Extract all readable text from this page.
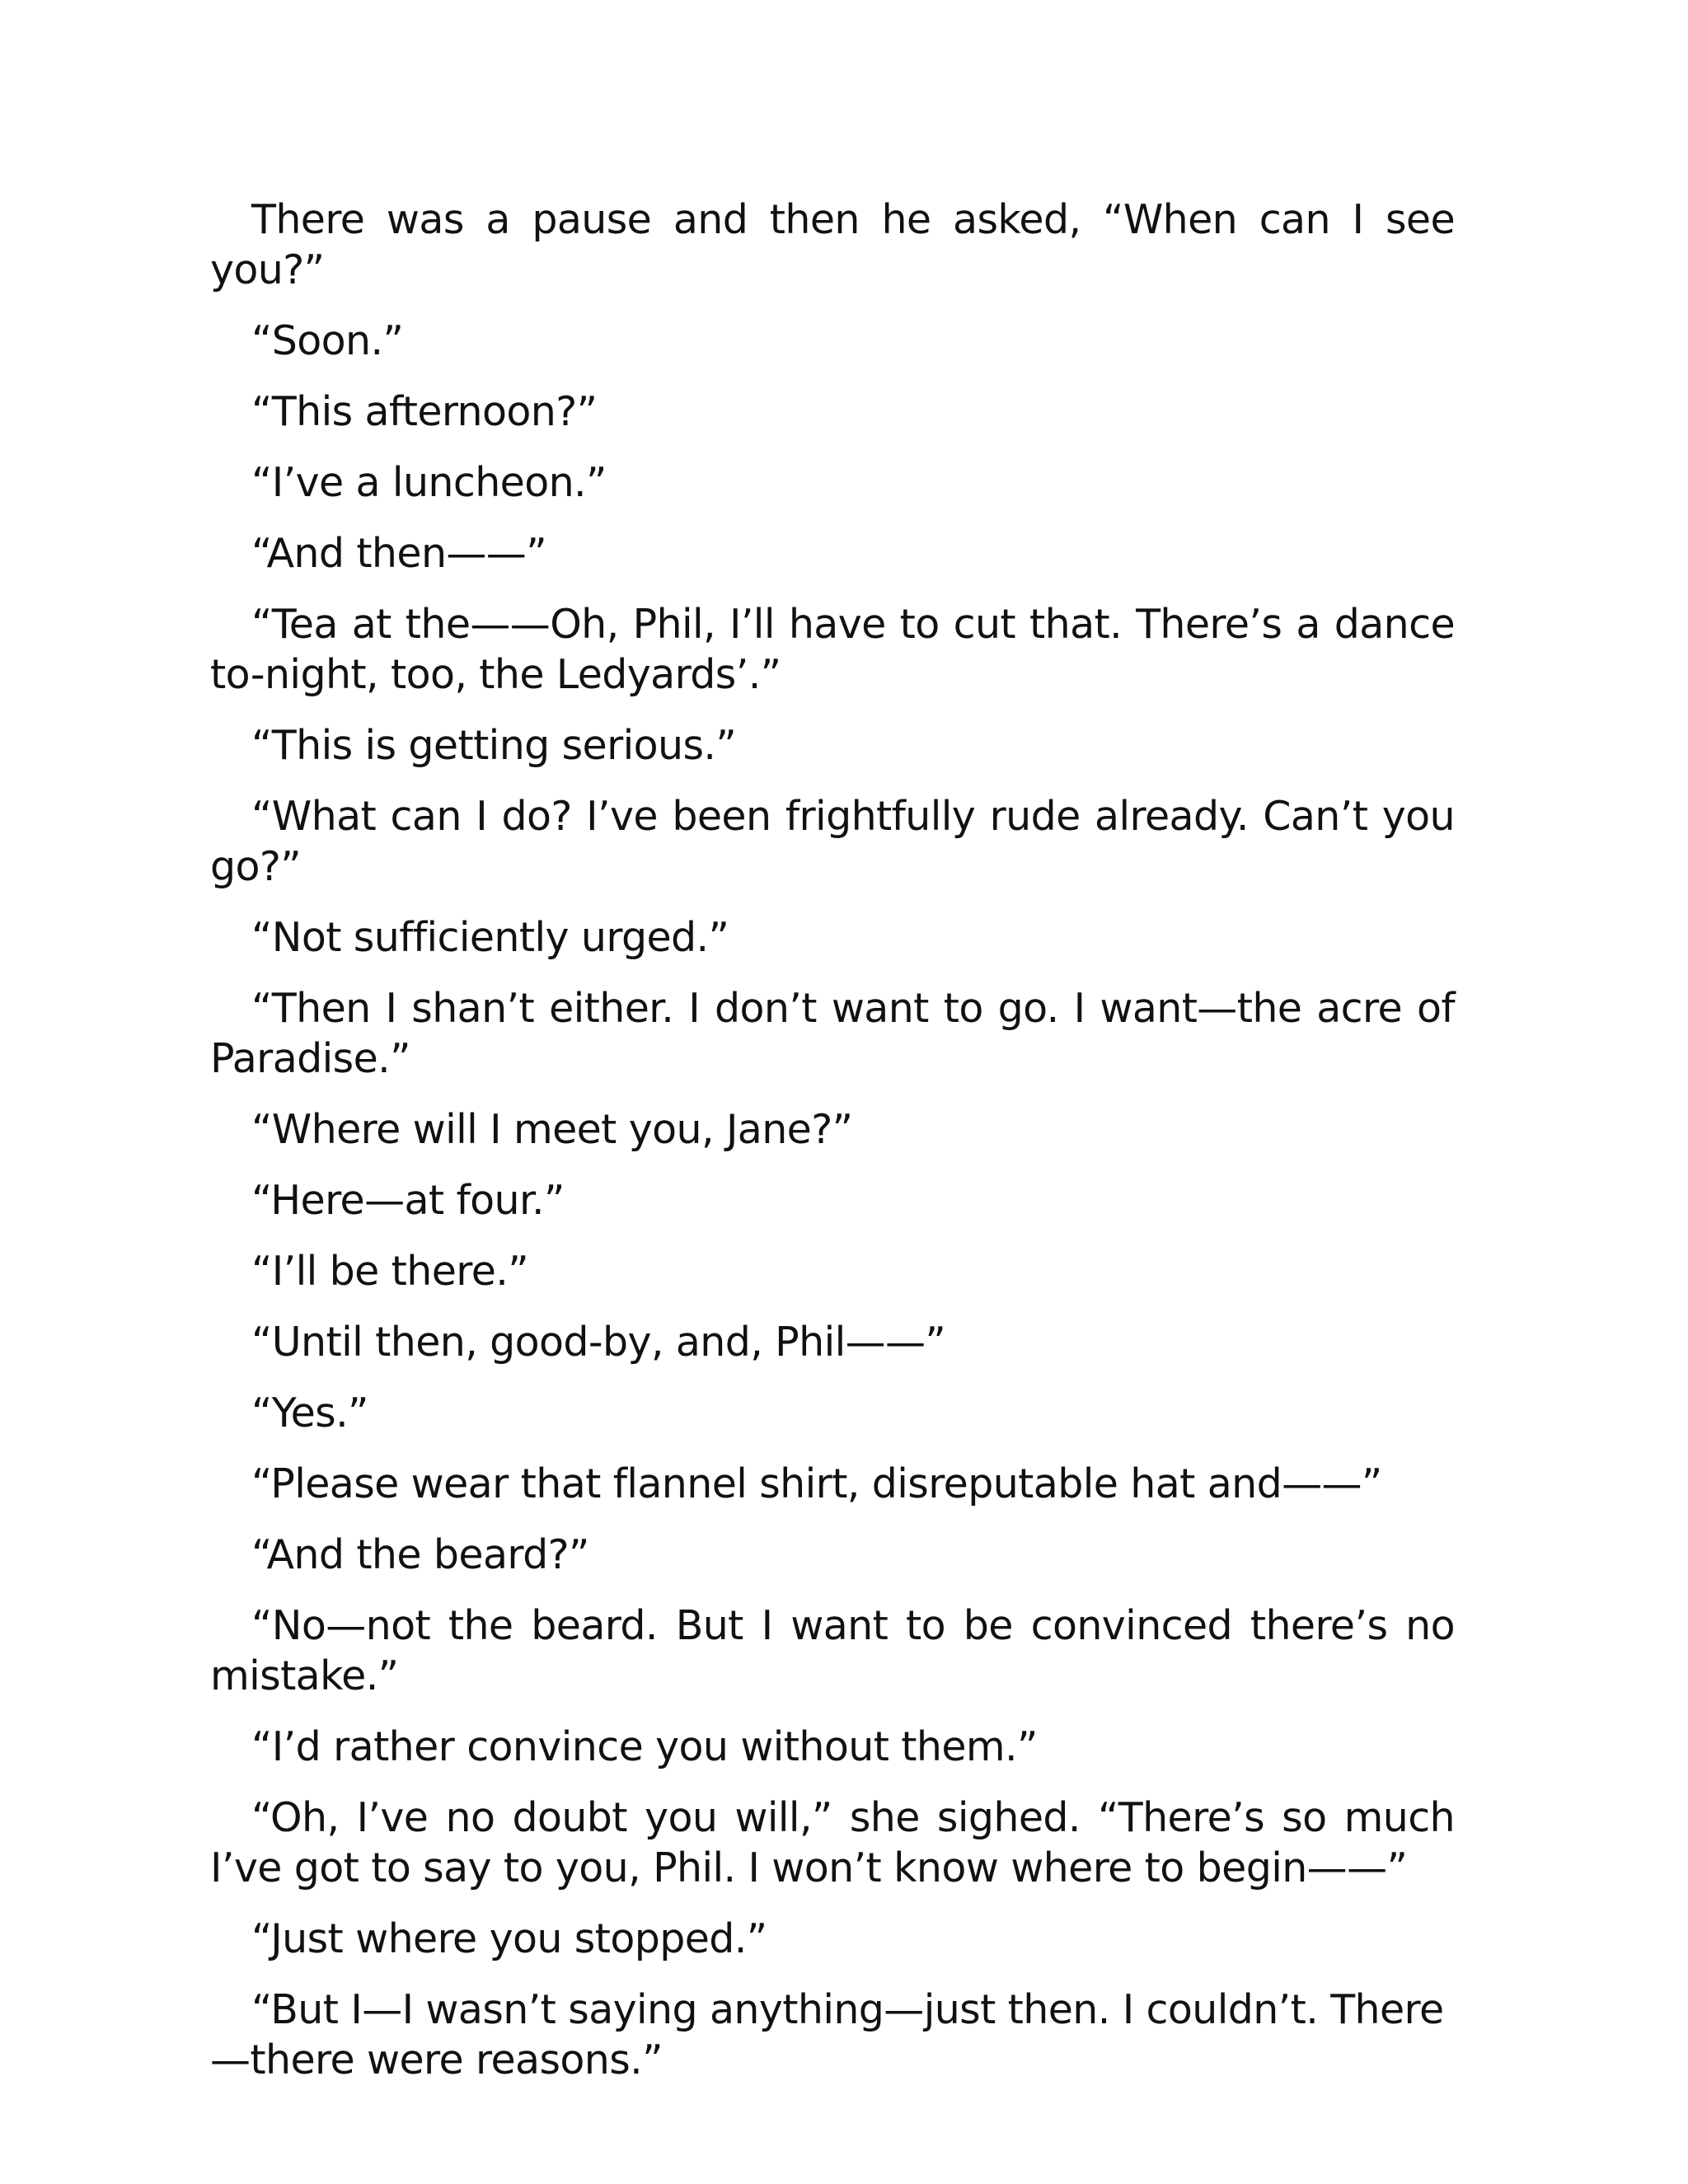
There was a pause and then he asked, “When can I see you?”

“Soon.”

“This afternoon?”

“I’ve a luncheon.”

“And then——”

“Tea at the——Oh, Phil, I’ll have to cut that. There’s a dance to-night, too, the Ledyards’.”

“This is getting serious.”

“What can I do? I’ve been frightfully rude already. Can’t you go?”

“Not sufficiently urged.”

“Then I shan’t either. I don’t want to go. I want—the acre of Paradise.”

“Where will I meet you, Jane?”

“Here—at four.”

“I’ll be there.”

“Until then, good-by, and, Phil——”

“Yes.”

“Please wear that flannel shirt, disreputable hat and——”

“And the beard?”

“No—not the beard. But I want to be convinced there’s no mistake.”

“I’d rather convince you without them.”

“Oh, I’ve no doubt you will,” she sighed. “There’s so much I’ve got to say to you, Phil. I won’t know where to begin——”

“Just where you stopped.”

“But I—I wasn’t saying anything—just then. I couldn’t. There—there were reasons.”
